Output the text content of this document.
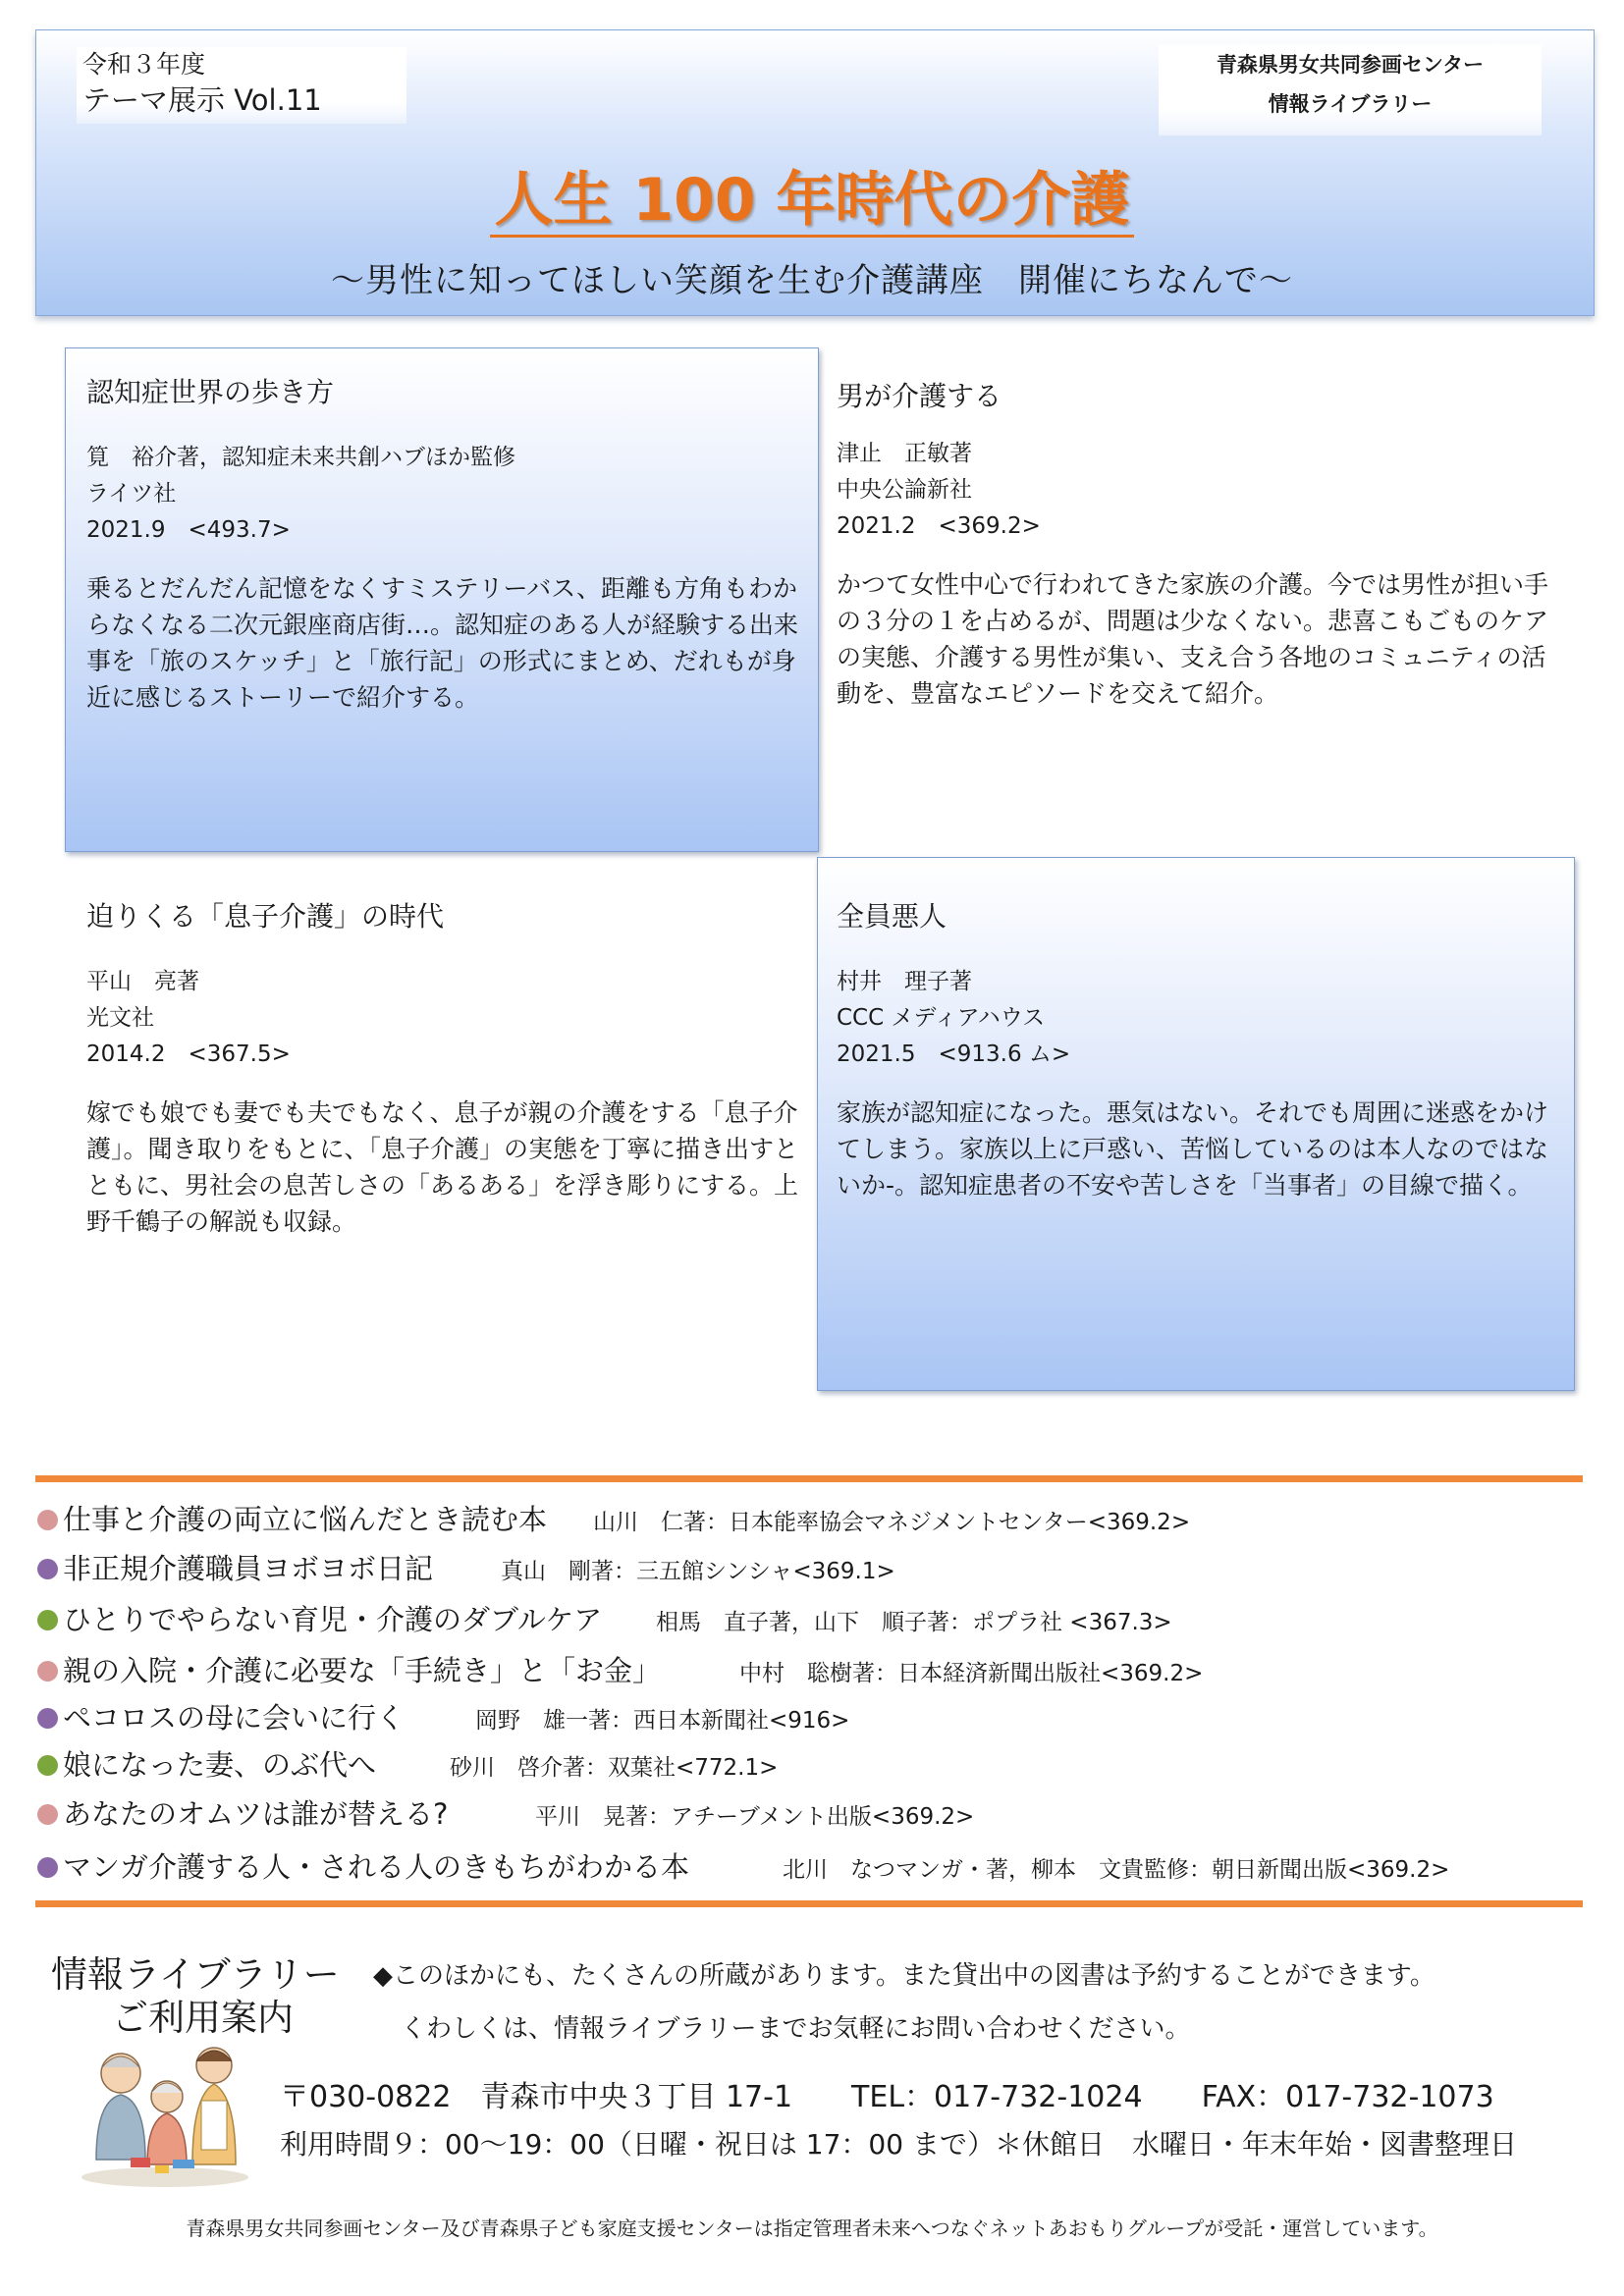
令和３年度
テーマ展示 Vol.11
青森県男女共同参画センター
情報ライブラリー
人生 100 年時代の介護
～男性に知ってほしい笑顔を生む介護講座　開催にちなんで～
認知症世界の歩き方
筧　裕介著，認知症未来共創ハブほか監修
ライツ社
2021.9　<493.7>
乗るとだんだん記憶をなくすミステリーバス、距離も方角もわからなくなる二次元銀座商店街…。認知症のある人が経験する出来事を「旅のスケッチ」と「旅行記」の形式にまとめ、だれもが身近に感じるストーリーで紹介する。
男が介護する
津止　正敏著
中央公論新社
2021.2　<369.2>
かつて女性中心で行われてきた家族の介護。今では男性が担い手の３分の１を占めるが、問題は少なくない。悲喜こもごものケアの実態、介護する男性が集い、支え合う各地のコミュニティの活動を、豊富なエピソードを交えて紹介。
迫りくる「息子介護」の時代
平山　亮著
光文社
2014.2　<367.5>
嫁でも娘でも妻でも夫でもなく、息子が親の介護をする「息子介護」。聞き取りをもとに、「息子介護」の実態を丁寧に描き出すとともに、男社会の息苦しさの「あるある」を浮き彫りにする。上野千鶴子の解説も収録。
全員悪人
村井　理子著
CCC メディアハウス
2021.5　<913.6 ム>
家族が認知症になった。悪気はない。それでも周囲に迷惑をかけてしまう。家族以上に戸惑い、苦悩しているのは本人なのではないか-。認知症患者の不安や苦しさを「当事者」の目線で描く。
仕事と介護の両立に悩んだとき読む本 山川　仁著：日本能率協会マネジメントセンター<369.2>
非正規介護職員ヨボヨボ日記	真山　剛著：三五館シンシャ<369.1>
ひとりでやらない育児・介護のダブルケア 相馬　直子著，山下　順子著：ポプラ社 <367.3>
親の入院・介護に必要な「手続き」と「お金」	中村　聡樹著：日本経済新聞出版社<369.2>
ペコロスの母に会いに行く	岡野　雄一著：西日本新聞社<916>
娘になった妻、のぶ代へ	砂川　啓介著：双葉社<772.1>
あなたのオムツは誰が替える?	平川　晃著：アチーブメント出版<369.2>
マンガ介護する人・される人のきもちがわかる本	北川　なつマンガ・著，柳本　文貴監修：朝日新聞出版<369.2>
情報ライブラリー
ご利用案内
◆このほかにも、たくさんの所蔵があります。また貸出中の図書は予約することができます。
くわしくは、情報ライブラリーまでお気軽にお問い合わせください。
〒030-0822　青森市中央３丁目 17-1　　TEL：017-732-1024　　FAX：017-732-1073
利用時間９：00～19：00（日曜・祝日は 17：00 まで）＊休館日　水曜日・年末年始・図書整理日
青森県男女共同参画センター及び青森県子ども家庭支援センターは指定管理者未来へつなぐネットあおもりグループが受託・運営しています。
